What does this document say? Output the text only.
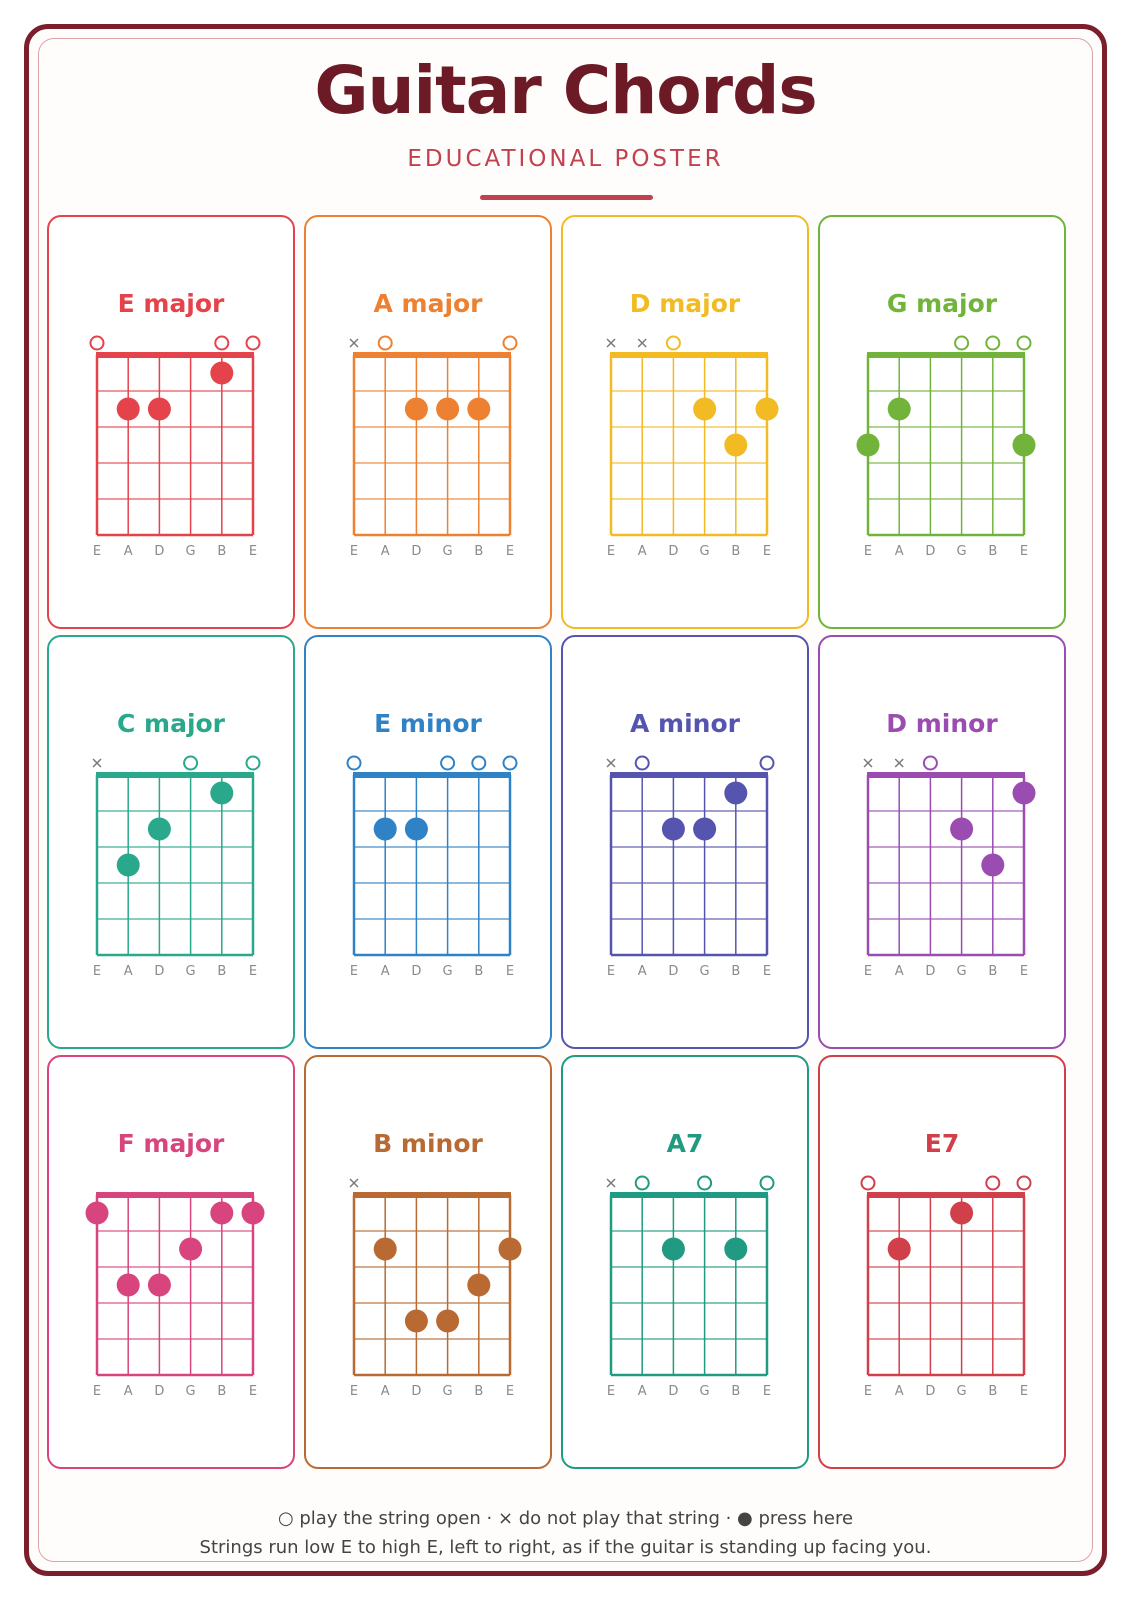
Guitar Chords
EDUCATIONAL POSTER
E major
E A D G B E
A major
E A D G B E
D major
E A D G B E
G major
E A D G B E
C major
E A D G B E
E minor
E A D G B E
A minor
E A D G B E
D minor
E A D G B E
F major
E A D G B E
B minor
E A D G B E
A7
E A D G B E
E7
E A D G B E
○ play the string open · × do not play that string · ● press here
Strings run low E to high E, left to right, as if the guitar is standing up facing you.
